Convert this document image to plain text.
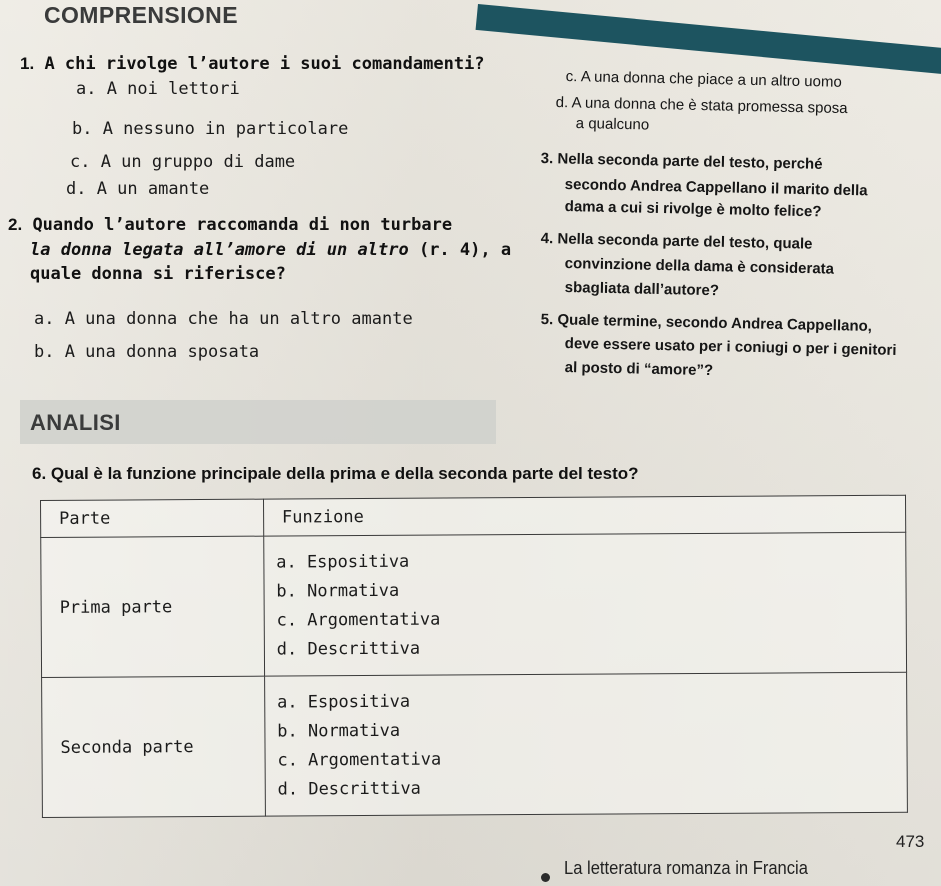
COMPRENSIONE
1. A chi rivolge l’autore i suoi comandamenti?
a. A noi lettori
b. A nessuno in particolare
c. A un gruppo di dame
d. A un amante
2. Quando l’autore raccomanda di non turbare
la donna legata all’amore di un altro (r. 4), a
quale donna si riferisce?
a. A una donna che ha un altro amante
b. A una donna sposata
c. A una donna che piace a un altro uomo
d. A una donna che è stata promessa sposa
a qualcuno
3. Nella seconda parte del testo, perché
secondo Andrea Cappellano il marito della
dama a cui si rivolge è molto felice?
4. Nella seconda parte del testo, quale
convinzione della dama è considerata
sbagliata dall’autore?
5. Quale termine, secondo Andrea Cappellano,
deve essere usato per i coniugi o per i genitori
al posto di “amore”?
ANALISI
6. Qual è la funzione principale della prima e della seconda parte del testo?
Parte	Funzione
Prima parte	a. Espositiva
b. Normativa
c. Argomentativa
d. Descrittiva

Seconda parte	a. Espositiva
b. Normativa
c. Argomentativa
d. Descrittiva
La letteratura romanza in Francia
473
